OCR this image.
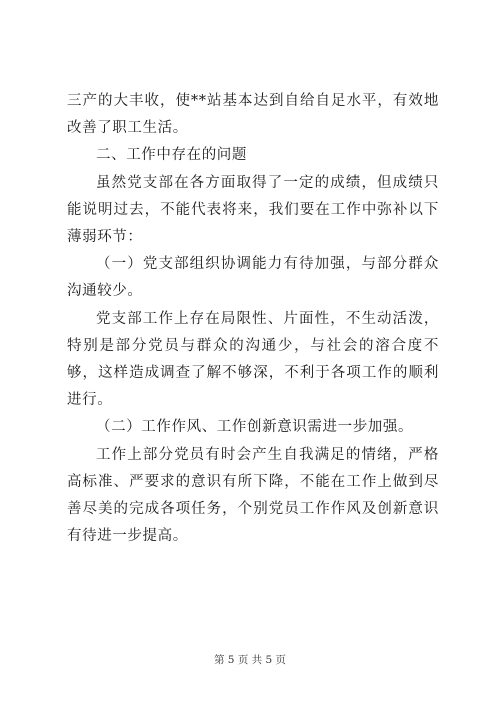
三产的大丰收，使**站基本达到自给自足水平，有效地改善了职工生活。

二、工作中存在的问题

虽然党支部在各方面取得了一定的成绩，但成绩只能说明过去，不能代表将来，我们要在工作中弥补以下薄弱环节：

（一）党支部组织协调能力有待加强，与部分群众沟通较少。

党支部工作上存在局限性、片面性，不生动活泼，特别是部分党员与群众的沟通少，与社会的溶合度不够，这样造成调查了解不够深，不利于各项工作的顺利进行。

（二）工作作风、工作创新意识需进一步加强。

工作上部分党员有时会产生自我满足的情绪，严格高标准、严要求的意识有所下降，不能在工作上做到尽善尽美的完成各项任务，个别党员工作作风及创新意识有待进一步提高。

第 5 页 共 5 页
